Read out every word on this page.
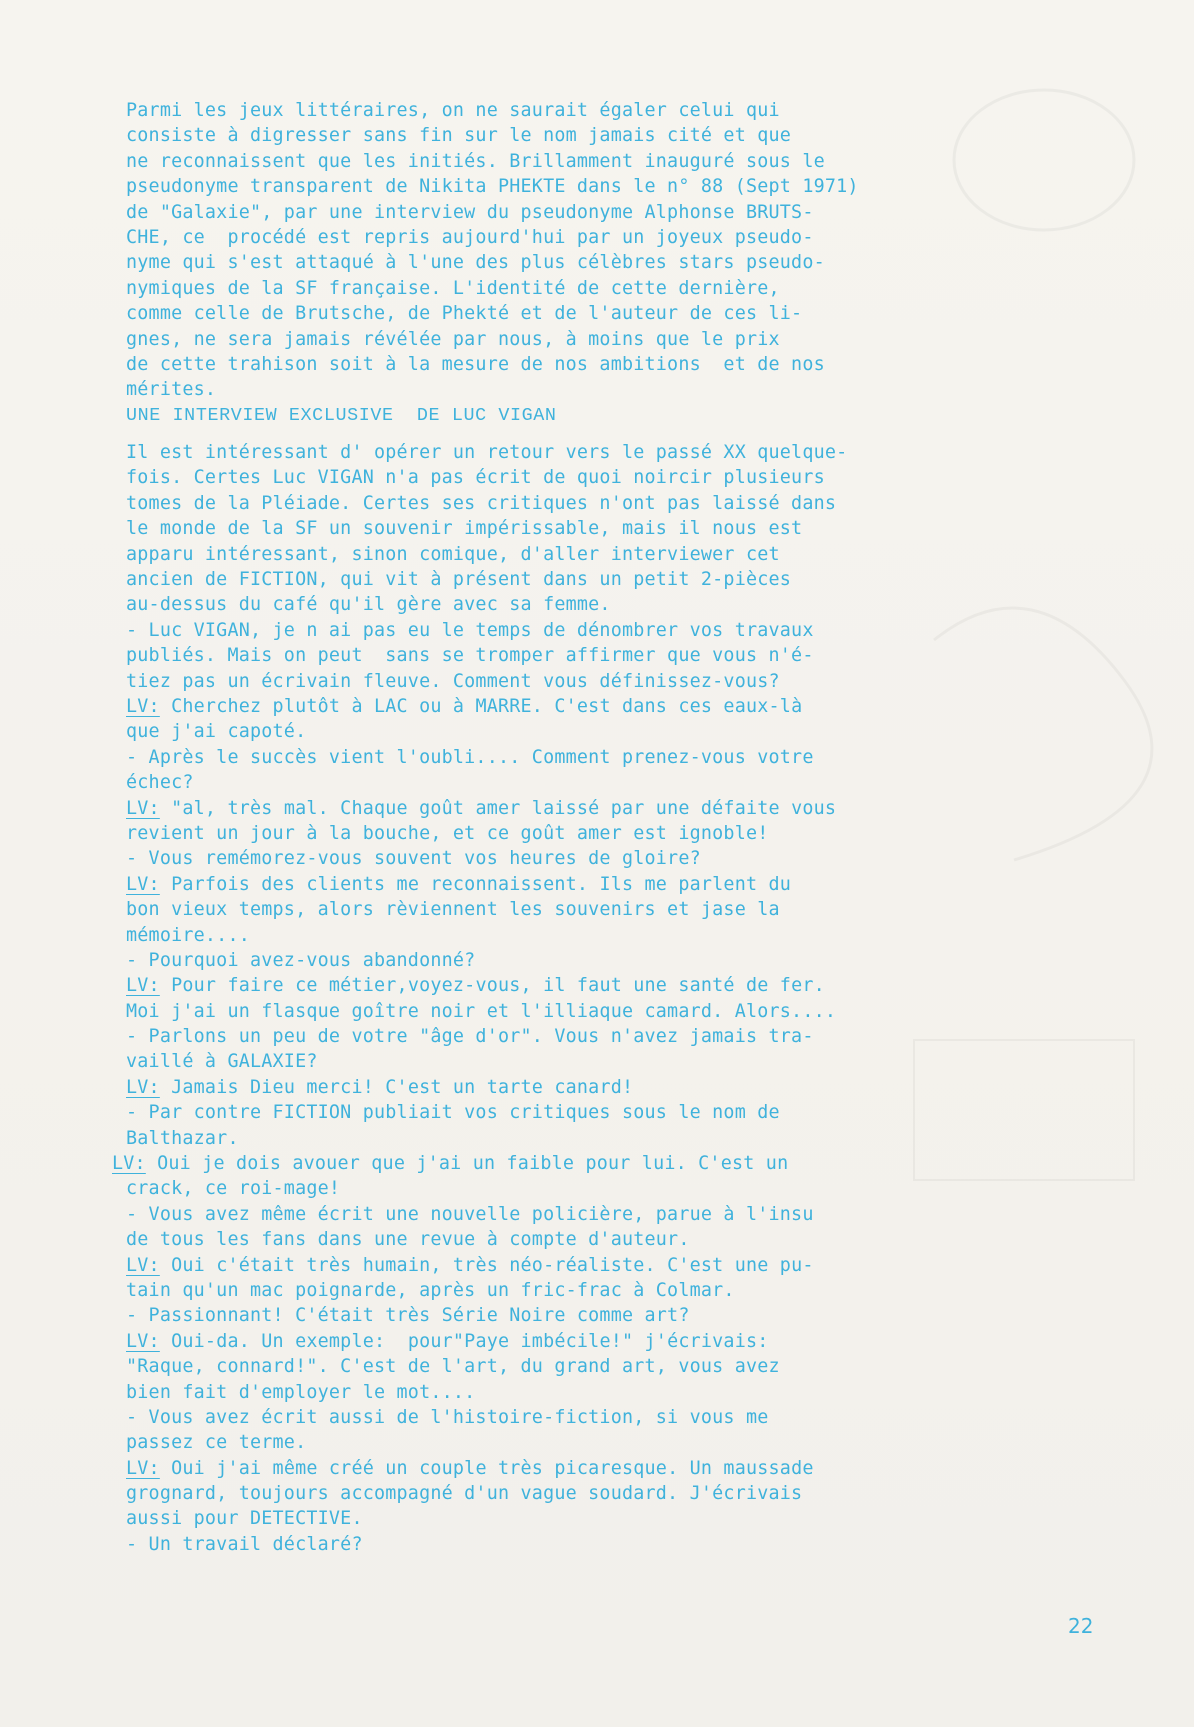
Parmi les jeux littéraires, on ne saurait égaler celui qui
consiste à digresser sans fin sur le nom jamais cité et que
ne reconnaissent que les initiés. Brillamment inauguré sous le
pseudonyme transparent de Nikita PHEKTE dans le n° 88 (Sept 1971)
de "Galaxie", par une interview du pseudonyme Alphonse BRUTS-
CHE, ce  procédé est repris aujourd'hui par un joyeux pseudo-
nyme qui s'est attaqué à l'une des plus célèbres stars pseudo-
nymiques de la SF française. L'identité de cette dernière,
comme celle de Brutsche, de Phekté et de l'auteur de ces li-
gnes, ne sera jamais révélée par nous, à moins que le prix
de cette trahison soit à la mesure de nos ambitions  et de nos
mérites.
UNE INTERVIEW EXCLUSIVE  DE LUC VIGAN
Il est intéressant d' opérer un retour vers le passé XX quelque-
fois. Certes Luc VIGAN n'a pas écrit de quoi noircir plusieurs
tomes de la Pléiade. Certes ses critiques n'ont pas laissé dans
le monde de la SF un souvenir impérissable, mais il nous est
apparu intéressant, sinon comique, d'aller interviewer cet
ancien de FICTION, qui vit à présent dans un petit 2-pièces
au-dessus du café qu'il gère avec sa femme.
- Luc VIGAN, je n ai pas eu le temps de dénombrer vos travaux
publiés. Mais on peut  sans se tromper affirmer que vous n'é-
tiez pas un écrivain fleuve. Comment vous définissez-vous?
LV: Cherchez plutôt à LAC ou à MARRE. C'est dans ces eaux-là
que j'ai capoté.
- Après le succès vient l'oubli.... Comment prenez-vous votre
échec?
LV: "al, très mal. Chaque goût amer laissé par une défaite vous
revient un jour à la bouche, et ce goût amer est ignoble!
- Vous remémorez-vous souvent vos heures de gloire?
LV: Parfois des clients me reconnaissent. Ils me parlent du
bon vieux temps, alors rèviennent les souvenirs et jase la
mémoire....
- Pourquoi avez-vous abandonné?
LV: Pour faire ce métier,voyez-vous, il faut une santé de fer.
Moi j'ai un flasque goître noir et l'illiaque camard. Alors....
- Parlons un peu de votre "âge d'or". Vous n'avez jamais tra-
vaillé à GALAXIE?
LV: Jamais Dieu merci! C'est un tarte canard!
- Par contre FICTION publiait vos critiques sous le nom de
Balthazar.
LV: Oui je dois avouer que j'ai un faible pour lui. C'est un
crack, ce roi-mage!
- Vous avez même écrit une nouvelle policière, parue à l'insu
de tous les fans dans une revue à compte d'auteur.
LV: Oui c'était très humain, très néo-réaliste. C'est une pu-
tain qu'un mac poignarde, après un fric-frac à Colmar.
- Passionnant! C'était très Série Noire comme art?
LV: Oui-da. Un exemple:  pour"Paye imbécile!" j'écrivais:
"Raque, connard!". C'est de l'art, du grand art, vous avez
bien fait d'employer le mot....
- Vous avez écrit aussi de l'histoire-fiction, si vous me
passez ce terme.
LV: Oui j'ai même créé un couple très picaresque. Un maussade
grognard, toujours accompagné d'un vague soudard. J'écrivais
aussi pour DETECTIVE.
- Un travail déclaré?
22
